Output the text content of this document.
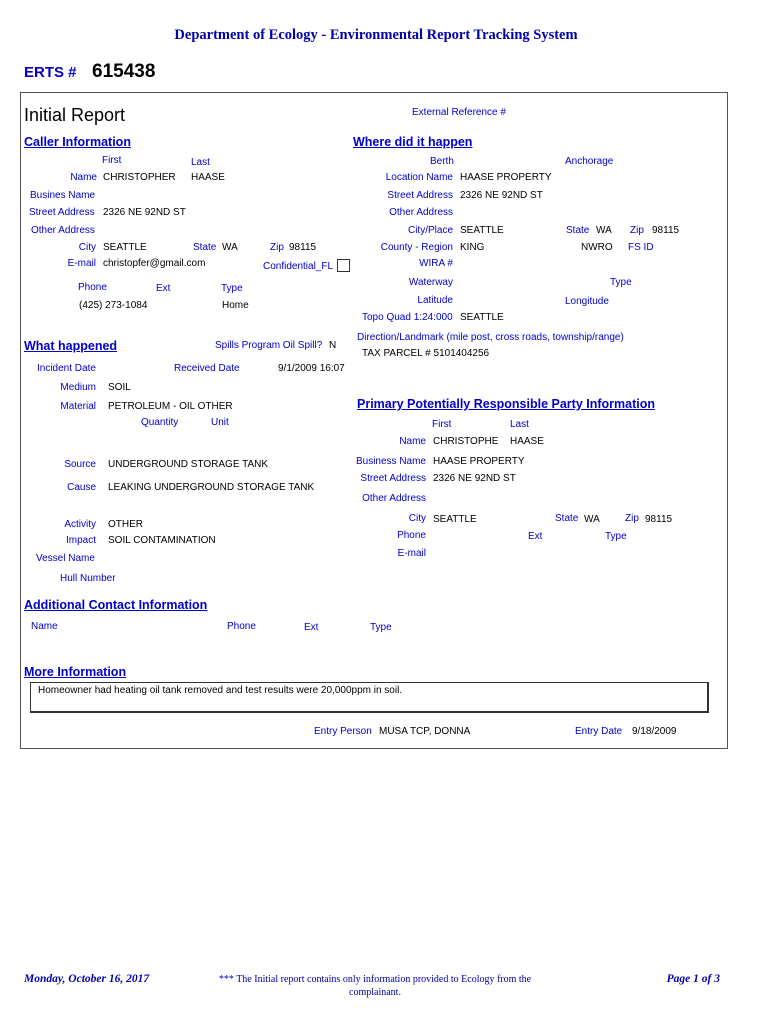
Department of Ecology - Environmental Report Tracking System
ERTS # 615438
Initial Report	External Reference #
Caller Information
First	Last
Name CHRISTOPHER HAASE
Busines Name
Street Address 2326 NE 92ND ST
Other Address
City SEATTLE	State WA	Zip 98115
E-mail christopfer@gmail.com	Confidential_FL
Phone	Ext	Type
(425) 273-1084	Home
Where did it happen
Berth	Anchorage
Location Name HAASE PROPERTY
Street Address 2326 NE 92ND ST
Other Address
City/Place SEATTLE	State WA Zip 98115
County - Region KING	NWRO FS ID
WIRA #
Waterway	Type
Latitude	Longitude
Topo Quad 1:24:000 SEATTLE
Direction/Landmark (mile post, cross roads, township/range)
TAX PARCEL # 5101404256
What happened	Spills Program Oil Spill? N
Incident Date	Received Date	9/1/2009 16:07
Medium SOIL
Material PETROLEUM - OIL OTHER
Quantity	Unit
Source UNDERGROUND STORAGE TANK
Cause LEAKING UNDERGROUND STORAGE TANK
Activity OTHER
Impact SOIL CONTAMINATION
Vessel Name
Hull Number
Primary Potentially Responsible Party Information
First	Last
Name CHRISTOPHE HAASE
Business Name HAASE PROPERTY
Street Address 2326 NE 92ND ST
Other Address
City SEATTLE	State WA	Zip 98115
Phone	Ext	Type
E-mail
Additional Contact Information
Name	Phone	Ext	Type
More Information
Homeowner had heating oil tank removed and test results were 20,000ppm in soil.
Entry Person MUSA TCP, DONNA	Entry Date 9/18/2009
Monday, October 16, 2017	*** The Initial report contains only information provided to Ecology from the
complainant.
Page 1 of 3
